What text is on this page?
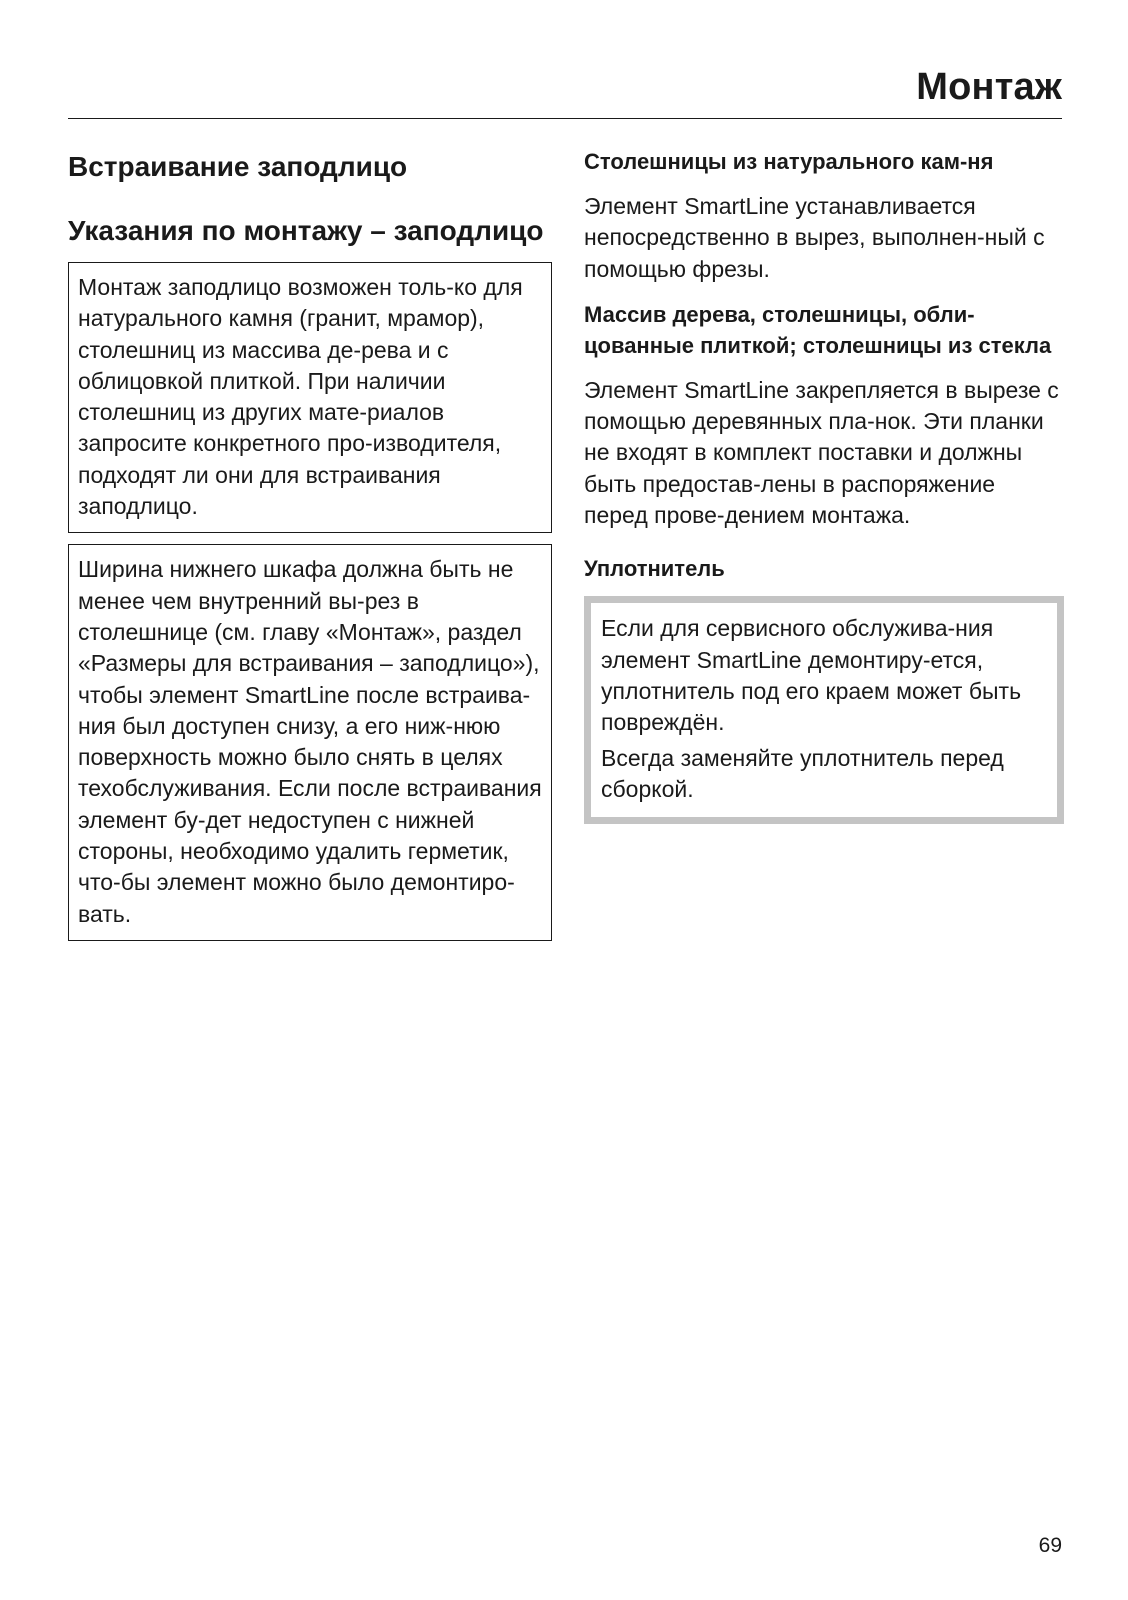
Монтаж
Встраивание заподлицо
Указания по монтажу – заподлицо

Монтаж заподлицо возможен толь-ко для натурального камня (гранит, мрамор), столешниц из массива де-рева и с облицовкой плиткой. При наличии столешниц из других мате-риалов запросите конкретного про-изводителя, подходят ли они для встраивания заподлицо.

Ширина нижнего шкафа должна быть не менее чем внутренний вы-рез в столешнице (см. главу «Монтаж», раздел «Размеры для встраивания – заподлицо»), чтобы элемент SmartLine после встраива-ния был доступен снизу, а его ниж-нюю поверхность можно было снять в целях техобслуживания. Если после встраивания элемент бу-дет недоступен с нижней стороны, необходимо удалить герметик, что-бы элемент можно было демонтиро-вать.

Столешницы из натурального кам-ня

Элемент SmartLine устанавливается непосредственно в вырез, выполнен-ный с помощью фрезы.

Массив дерева, столешницы, обли-цованные плиткой; столешницы из стекла

Элемент SmartLine закрепляется в вырезе с помощью деревянных пла-нок. Эти планки не входят в комплект поставки и должны быть предостав-лены в распоряжение перед прове-дением монтажа.

Уплотнитель

Если для сервисного обслужива-ния элемент SmartLine демонтиру-ется, уплотнитель под его краем может быть повреждён.

Всегда заменяйте уплотнитель перед сборкой.

69
